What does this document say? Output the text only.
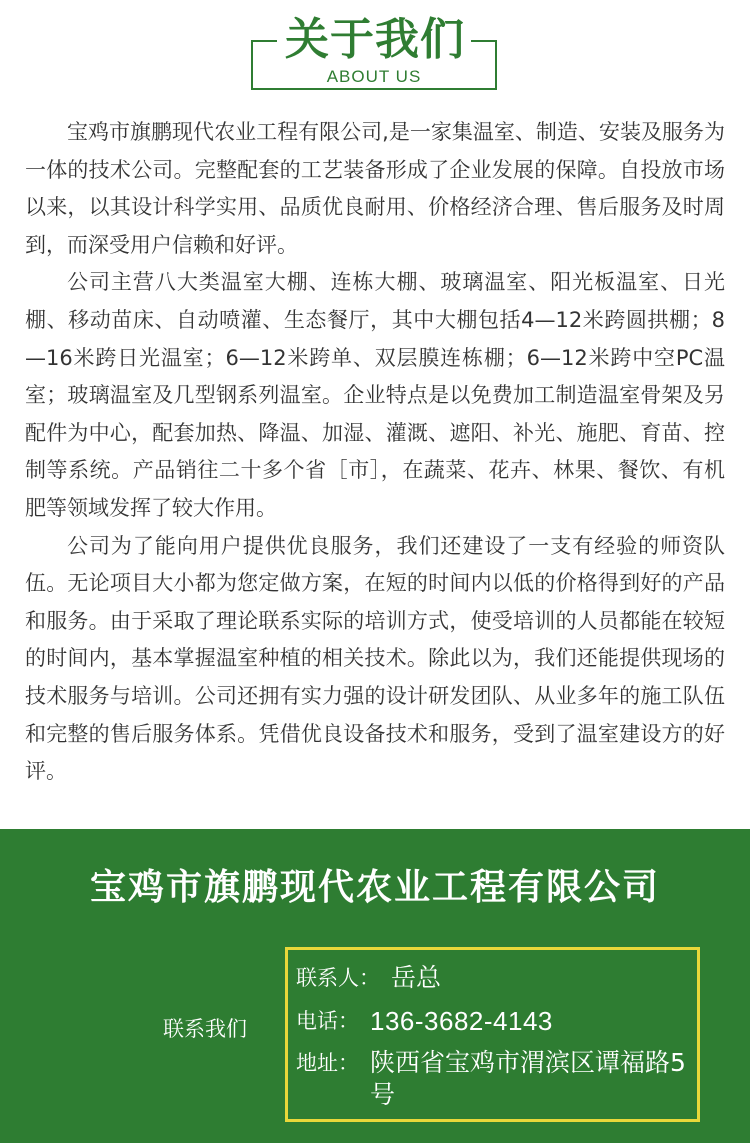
关于我们
ABOUT US

宝鸡市旗鹏现代农业工程有限公司,是一家集温室、制造、安装及服务为一体的技术公司。完整配套的工艺装备形成了企业发展的保障。自投放市场以来，以其设计科学实用、品质优良耐用、价格经济合理、售后服务及时周到，而深受用户信赖和好评。

公司主营八大类温室大棚、连栋大棚、玻璃温室、阳光板温室、日光棚、移动苗床、自动喷灌、生态餐厅，其中大棚包括4—12米跨圆拱棚；8—16米跨日光温室；6—12米跨单、双层膜连栋棚；6—12米跨中空PC温室；玻璃温室及几型钢系列温室。企业特点是以免费加工制造温室骨架及另配件为中心，配套加热、降温、加湿、灌溉、遮阳、补光、施肥、育苗、控制等系统。产品销往二十多个省［市］，在蔬菜、花卉、林果、餐饮、有机肥等领域发挥了较大作用。

公司为了能向用户提供优良服务，我们还建设了一支有经验的师资队伍。无论项目大小都为您定做方案，在短的时间内以低的价格得到好的产品和服务。由于采取了理论联系实际的培训方式，使受培训的人员都能在较短的时间内，基本掌握温室种植的相关技术。除此以为，我们还能提供现场的技术服务与培训。公司还拥有实力强的设计研发团队、从业多年的施工队伍和完整的售后服务体系。凭借优良设备技术和服务，受到了温室建设方的好评。

宝鸡市旗鹏现代农业工程有限公司
联系我们
联系人： 岳总
电话： 136-3682-4143
地址： 陕西省宝鸡市渭滨区谭福路5号
